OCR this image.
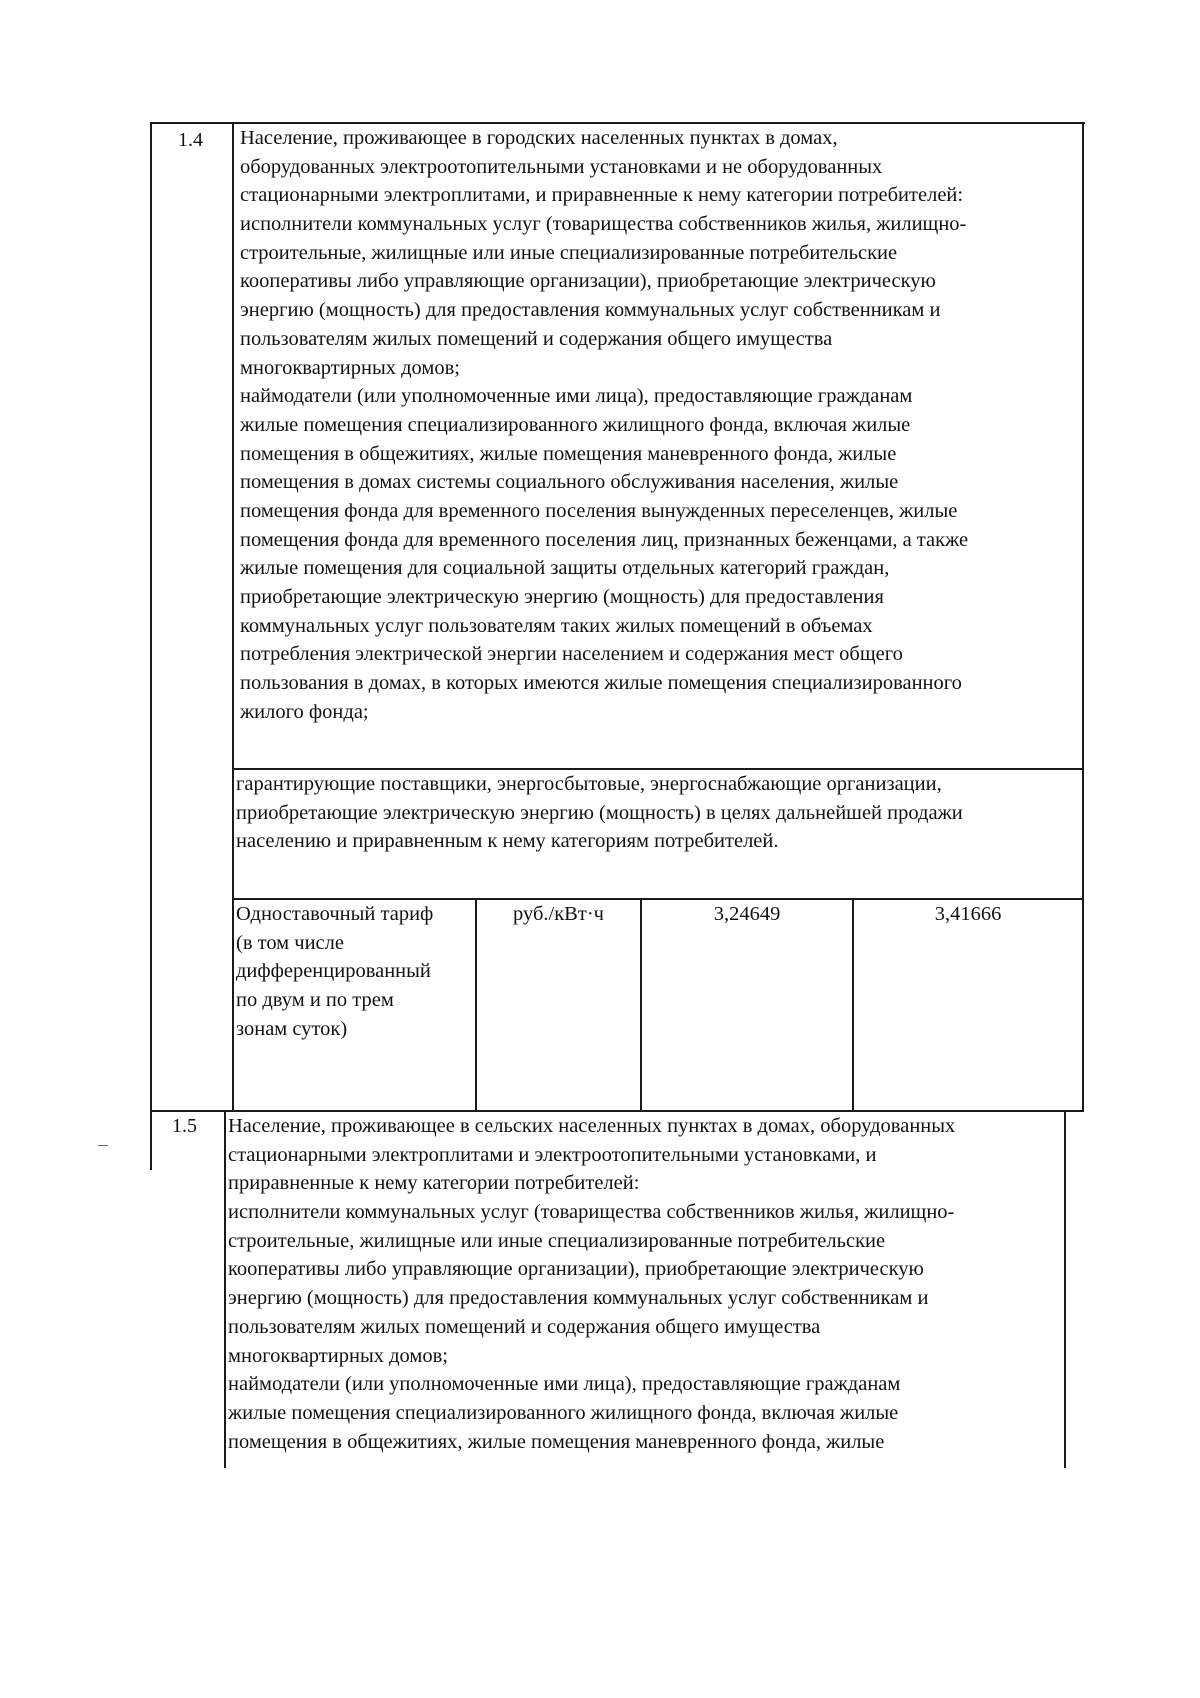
1.4 Население, проживающее в городских населенных пунктах в домах,
оборудованных электроотопительными установками и не оборудованных
стационарными электроплитами, и приравненные к нему категории потребителей:
исполнители коммунальных услуг (товарищества собственников жилья, жилищно-
строительные, жилищные или иные специализированные потребительские
кооперативы либо управляющие организации), приобретающие электрическую
энергию (мощность) для предоставления коммунальных услуг собственникам и
пользователям жилых помещений и содержания общего имущества
многоквартирных домов;
наймодатели (или уполномоченные ими лица), предоставляющие гражданам
жилые помещения специализированного жилищного фонда, включая жилые
помещения в общежитиях, жилые помещения маневренного фонда, жилые
помещения в домах системы социального обслуживания населения, жилые
помещения фонда для временного поселения вынужденных переселенцев, жилые
помещения фонда для временного поселения лиц, признанных беженцами, а также
жилые помещения для социальной защиты отдельных категорий граждан,
приобретающие электрическую энергию (мощность) для предоставления
коммунальных услуг пользователям таких жилых помещений в объемах
потребления электрической энергии населением и содержания мест общего
пользования в домах, в которых имеются жилые помещения специализированного
жилого фонда;
гарантирующие поставщики, энергосбытовые, энергоснабжающие организации,
приобретающие электрическую энергию (мощность) в целях дальнейшей продажи
населению и приравненным к нему категориям потребителей.
Одноставочный тариф
(в том числе
дифференцированный
по двум и по трем
зонам суток)
руб./кВт·ч	3,24649	3,41666
1.5 Население, проживающее в сельских населенных пунктах в домах, оборудованных
стационарными электроплитами и электроотопительными установками, и
приравненные к нему категории потребителей:
исполнители коммунальных услуг (товарищества собственников жилья, жилищно-
строительные, жилищные или иные специализированные потребительские
кооперативы либо управляющие организации), приобретающие электрическую
энергию (мощность) для предоставления коммунальных услуг собственникам и
пользователям жилых помещений и содержания общего имущества
многоквартирных домов;
наймодатели (или уполномоченные ими лица), предоставляющие гражданам
жилые помещения специализированного жилищного фонда, включая жилые
помещения в общежитиях, жилые помещения маневренного фонда, жилые
